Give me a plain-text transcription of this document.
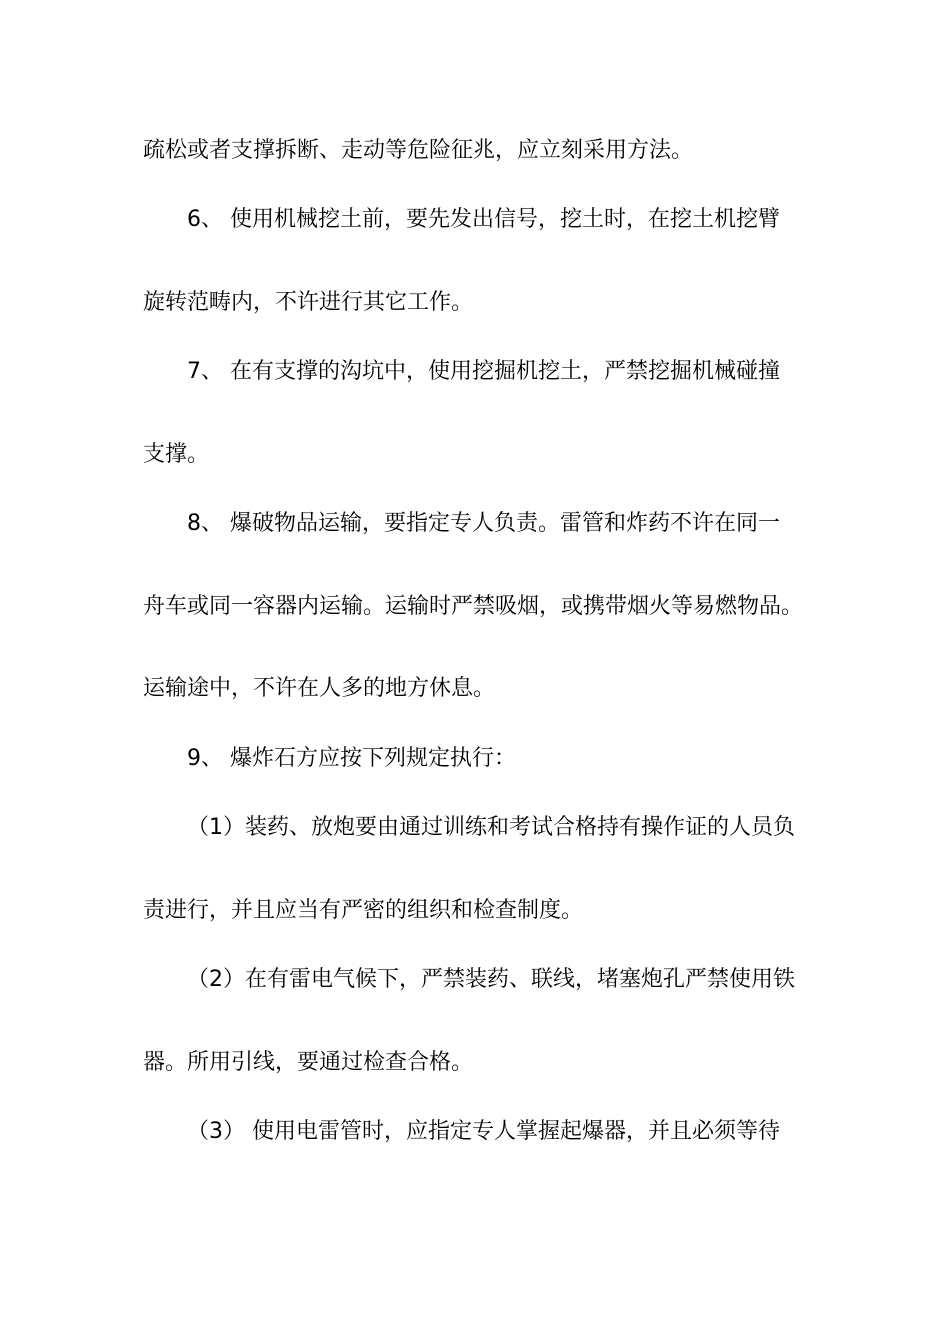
疏松或者支撑拆断、走动等危险征兆，应立刻采用方法。
6、 使用机械挖土前，要先发出信号，挖土时，在挖土机挖臂
旋转范畴内，不许进行其它工作。
7、 在有支撑的沟坑中，使用挖掘机挖土，严禁挖掘机械碰撞
支撑。
8、 爆破物品运输，要指定专人负责。雷管和炸药不许在同一
舟车或同一容器内运输。运输时严禁吸烟，或携带烟火等易燃物品。
运输途中，不许在人多的地方休息。
9、 爆炸石方应按下列规定执行：
（1）装药、放炮要由通过训练和考试合格持有操作证的人员负
责进行，并且应当有严密的组织和检查制度。
（2）在有雷电气候下，严禁装药、联线，堵塞炮孔严禁使用铁
器。所用引线，要通过检查合格。
（3） 使用电雷管时，应指定专人掌握起爆器，并且必须等待
